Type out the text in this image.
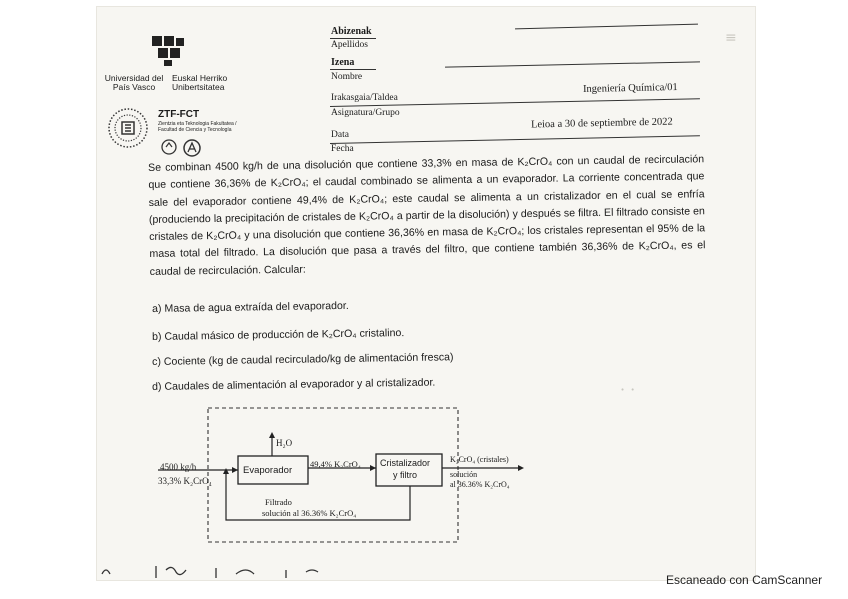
≡
· ·
Universidad del País Vasco
Euskal Herriko Unibertsitatea
ZTF-FCT
Zientzia eta Teknologia Fakultatea / Facultad de Ciencia y Tecnología
Abizenak
Apellidos
Izena
Nombre
Irakasgaia/Taldea
Asignatura/Grupo
Ingeniería Química/01
Data
Fecha
Leioa a 30 de septiembre de 2022
Se combinan 4500 kg/h de una disolución que contiene 33,3% en masa de K₂CrO₄ con un caudal de recirculación que contiene 36,36% de K₂CrO₄; el caudal combinado se alimenta a un evaporador. La corriente concentrada que sale del evaporador contiene 49,4% de K₂CrO₄; este caudal se alimenta a un cristalizador en el cual se enfría (produciendo la precipitación de cristales de K₂CrO₄ a partir de la disolución) y después se filtra. El filtrado consiste en cristales de K₂CrO₄ y una disolución que contiene 36,36% en masa de K₂CrO₄; los cristales representan el 95% de la masa total del filtrado. La disolución que pasa a través del filtro, que contiene también 36,36% de K₂CrO₄, es el caudal de recirculación. Calcular:
a) Masa de agua extraída del evaporador.
b) Caudal másico de producción de K₂CrO₄ cristalino.
c) Cociente (kg de caudal recirculado/kg de alimentación fresca)
d) Caudales de alimentación al evaporador y al cristalizador.
4500 kg/h
33,3% K₂CrO₄
H₂O
Evaporador
49,4% K₂CrO₄ Cristalizador
y filtro
K₂CrO₄ (cristales)
solución
al 36.36% K₂CrO₄
Filtrado
solución al 36.36% K₂CrO₄
Escaneado con CamScanner
